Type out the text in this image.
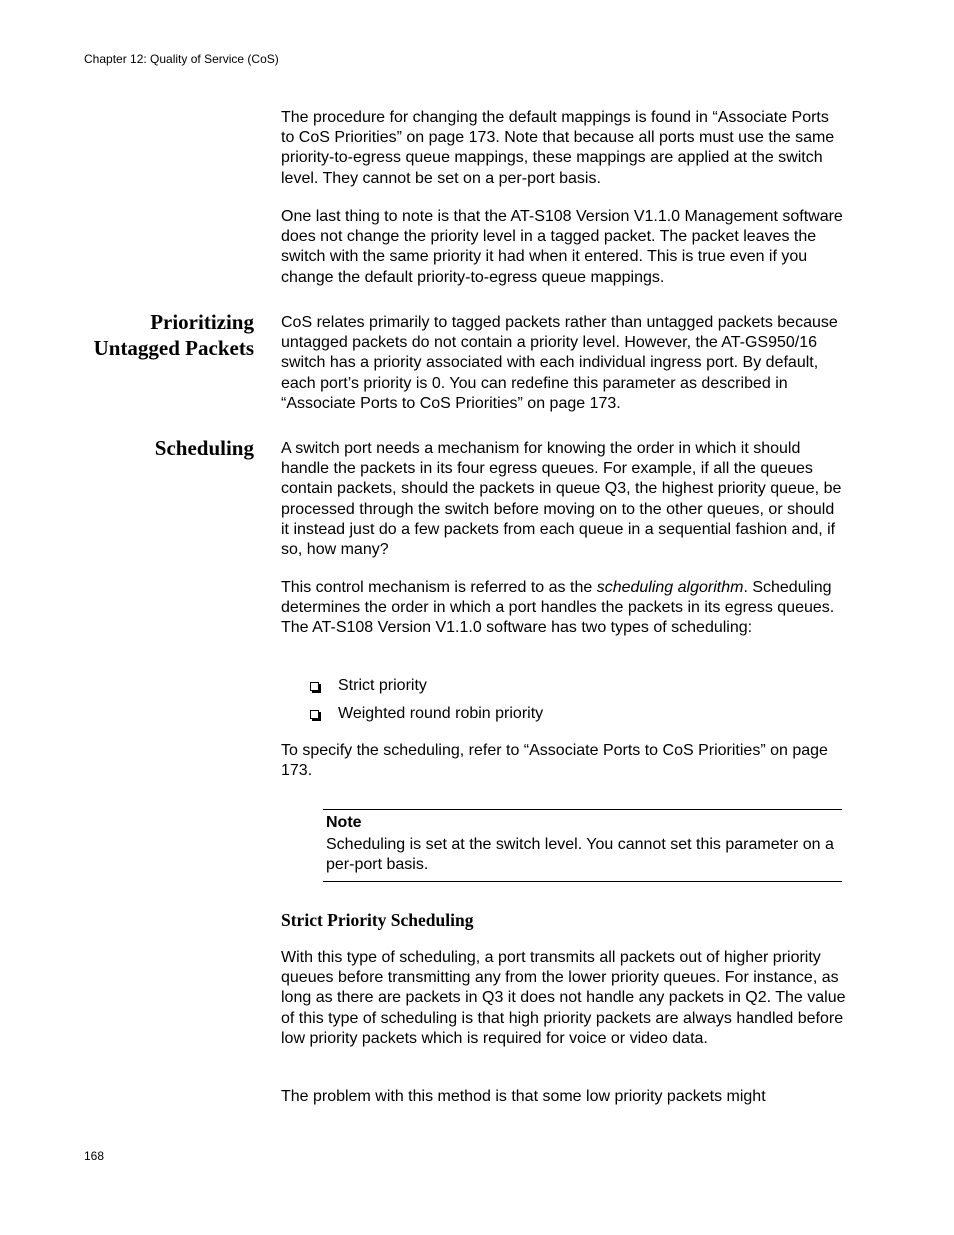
Chapter 12: Quality of Service (CoS)

The procedure for changing the default mappings is found in “Associate Ports to CoS Priorities” on page 173. Note that because all ports must use the same priority-to-egress queue mappings, these mappings are applied at the switch level. They cannot be set on a per-port basis.

One last thing to note is that the AT-S108 Version V1.1.0 Management software does not change the priority level in a tagged packet. The packet leaves the switch with the same priority it had when it entered. This is true even if you change the default priority-to-egress queue mappings.

Prioritizing
Untagged Packets

CoS relates primarily to tagged packets rather than untagged packets because untagged packets do not contain a priority level. However, the AT-GS950/16 switch has a priority associated with each individual ingress port. By default, each port’s priority is 0. You can redefine this parameter as described in “Associate Ports to CoS Priorities” on page 173.

Scheduling A switch port needs a mechanism for knowing the order in which it should handle the packets in its four egress queues. For example, if all the queues contain packets, should the packets in queue Q3, the highest priority queue, be processed through the switch before moving on to the other queues, or should it instead just do a few packets from each queue in a sequential fashion and, if so, how many?

This control mechanism is referred to as the scheduling algorithm. Scheduling determines the order in which a port handles the packets in its egress queues. The AT-S108 Version V1.1.0 software has two types of scheduling:

Strict priority
Weighted round robin priority

To specify the scheduling, refer to “Associate Ports to CoS Priorities” on page 173.

Note
Scheduling is set at the switch level. You cannot set this parameter on a per-port basis.
Strict Priority Scheduling

With this type of scheduling, a port transmits all packets out of higher priority queues before transmitting any from the lower priority queues. For instance, as long as there are packets in Q3 it does not handle any packets in Q2. The value of this type of scheduling is that high priority packets are always handled before low priority packets which is required for voice or video data.

The problem with this method is that some low priority packets might

168
